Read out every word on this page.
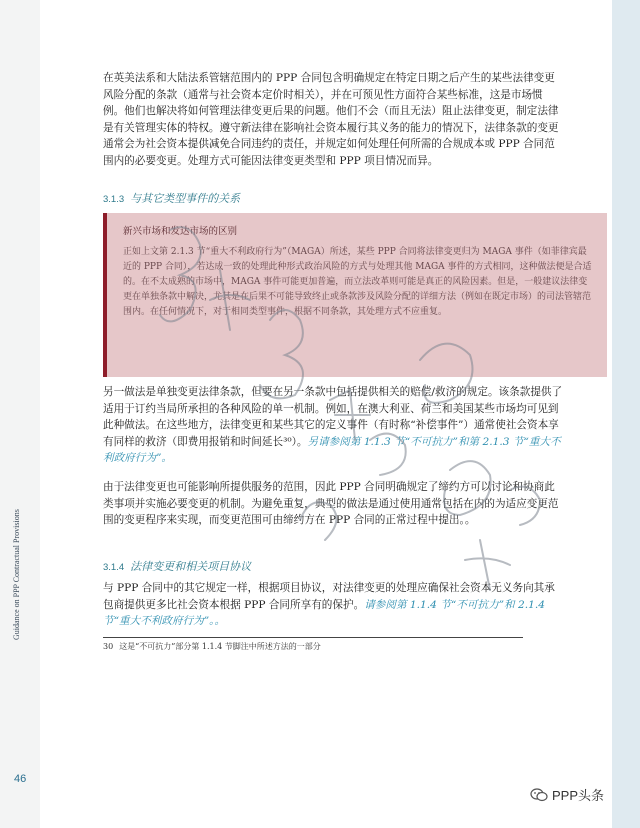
Guidance on PPP Contractual Provisions
46

在英美法系和大陆法系管辖范围内的 PPP 合同包含明确规定在特定日期之后产生的某些法律变更风险分配的条款（通常与社会资本定价时相关），并在可预见性方面符合某些标准，这是市场惯例。他们也解决将如何管理法律变更后果的问题。他们不会（而且无法）阻止法律变更，制定法律是有关管理实体的特权。遵守新法律在影响社会资本履行其义务的能力的情况下，法律条款的变更通常会为社会资本提供减免合同违约的责任，并规定如何处理任何所需的合规成本或 PPP 合同范围内的必要变更。处理方式可能因法律变更类型和 PPP 项目情况而异。

3.1.3 与其它类型事件的关系

新兴市场和发达市场的区别

正如上文第 2.1.3 节“重大不利政府行为”（MAGA）所述，某些 PPP 合同将法律变更归为 MAGA 事件（如菲律宾最近的 PPP 合同），若达成一致的处理此种形式政治风险的方式与处理其他 MAGA 事件的方式相同，这种做法便是合适的。在不太成熟的市场中，MAGA 事件可能更加普遍，而立法改革则可能是真正的风险因素。但是，一般建议法律变更在单独条款中解决，尤其是在后果不可能导致终止或条款涉及风险分配的详细方法（例如在既定市场）的司法管辖范围内。在任何情况下，对于相同类型事件，根据不同条款，其处理方式不应重复。

另一做法是单独变更法律条款，但要在另一条款中包括提供相关的赔偿/救济的规定。该条款提供了适用于订约当局所承担的各种风险的单一机制。例如，在澳大利亚、荷兰和美国某些市场均可见到此种做法。在这些地方，法律变更和某些其它的定义事件（有时称“补偿事件”）通常使社会资本享有同样的救济（即费用报销和时间延长³⁰）。另请参阅第 1.1.3 节“不可抗力”和第 2.1.3 节“重大不利政府行为”。

由于法律变更也可能影响所提供服务的范围，因此 PPP 合同明确规定了缔约方可以讨论和协商此类事项并实施必要变更的机制。为避免重复，典型的做法是通过使用通常包括在内的为适应变更范围的变更程序来实现，而变更范围可由缔约方在 PPP 合同的正常过程中提出。。

3.1.4 法律变更和相关项目协议

与 PPP 合同中的其它规定一样，根据项目协议，对法律变更的处理应确保社会资本无义务向其承包商提供更多比社会资本根据 PPP 合同所享有的保护。请参阅第 1.1.4 节“不可抗力”和 2.1.4 节“重大不利政府行为”。。

30 这是“不可抗力”部分第 1.1.4 节脚注中所述方法的一部分
PPP头条
